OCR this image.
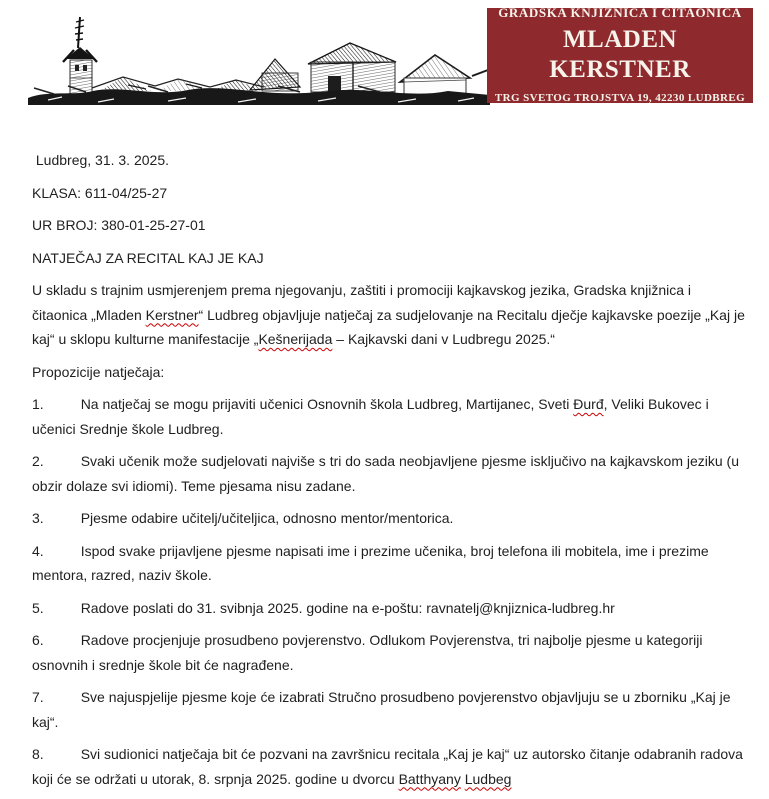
GRADSKA KNJIŽNICA I ČITAONICA
MLADEN KERSTNER
TRG SVETOG TROJSTVA 19, 42230 LUDBREG

Ludbreg, 31. 3. 2025.

KLASA: 611-04/25-27

UR BROJ: 380-01-25-27-01

NATJEČAJ ZA RECITAL KAJ JE KAJ

U skladu s trajnim usmjerenjem prema njegovanju, zaštiti i promociji kajkavskog jezika, Gradska knjižnica i čitaonica „Mladen Kerstner“ Ludbreg objavljuje natječaj za sudjelovanje na Recitalu dječje kajkavske poezije „Kaj je kaj“ u sklopu kulturne manifestacije „Kešnerijada – Kajkavski dani v Ludbregu 2025.“

Propozicije natječaja:

1.	Na natječaj se mogu prijaviti učenici Osnovnih škola Ludbreg, Martijanec, Sveti Đurđ, Veliki Bukovec i učenici Srednje škole Ludbreg.

2.	Svaki učenik može sudjelovati najviše s tri do sada neobjavljene pjesme isključivo na kajkavskom jeziku (u obzir dolaze svi idiomi). Teme pjesama nisu zadane.

3.	Pjesme odabire učitelj/učiteljica, odnosno mentor/mentorica.

4.	Ispod svake prijavljene pjesme napisati ime i prezime učenika, broj telefona ili mobitela, ime i prezime mentora, razred, naziv škole.

5.	Radove poslati do 31. svibnja 2025. godine na e-poštu: ravnatelj@knjiznica-ludbreg.hr

6.	Radove procjenjuje prosudbeno povjerenstvo. Odlukom Povjerenstva, tri najbolje pjesme u kategoriji osnovnih i srednje škole bit će nagrađene.

7.	Sve najuspjelije pjesme koje će izabrati Stručno prosudbeno povjerenstvo objavljuju se u zborniku „Kaj je kaj“.

8.	Svi sudionici natječaja bit će pozvani na završnicu recitala „Kaj je kaj“ uz autorsko čitanje odabranih radova koji će se održati u utorak, 8. srpnja 2025. godine u dvorcu Batthyany Ludbeg
